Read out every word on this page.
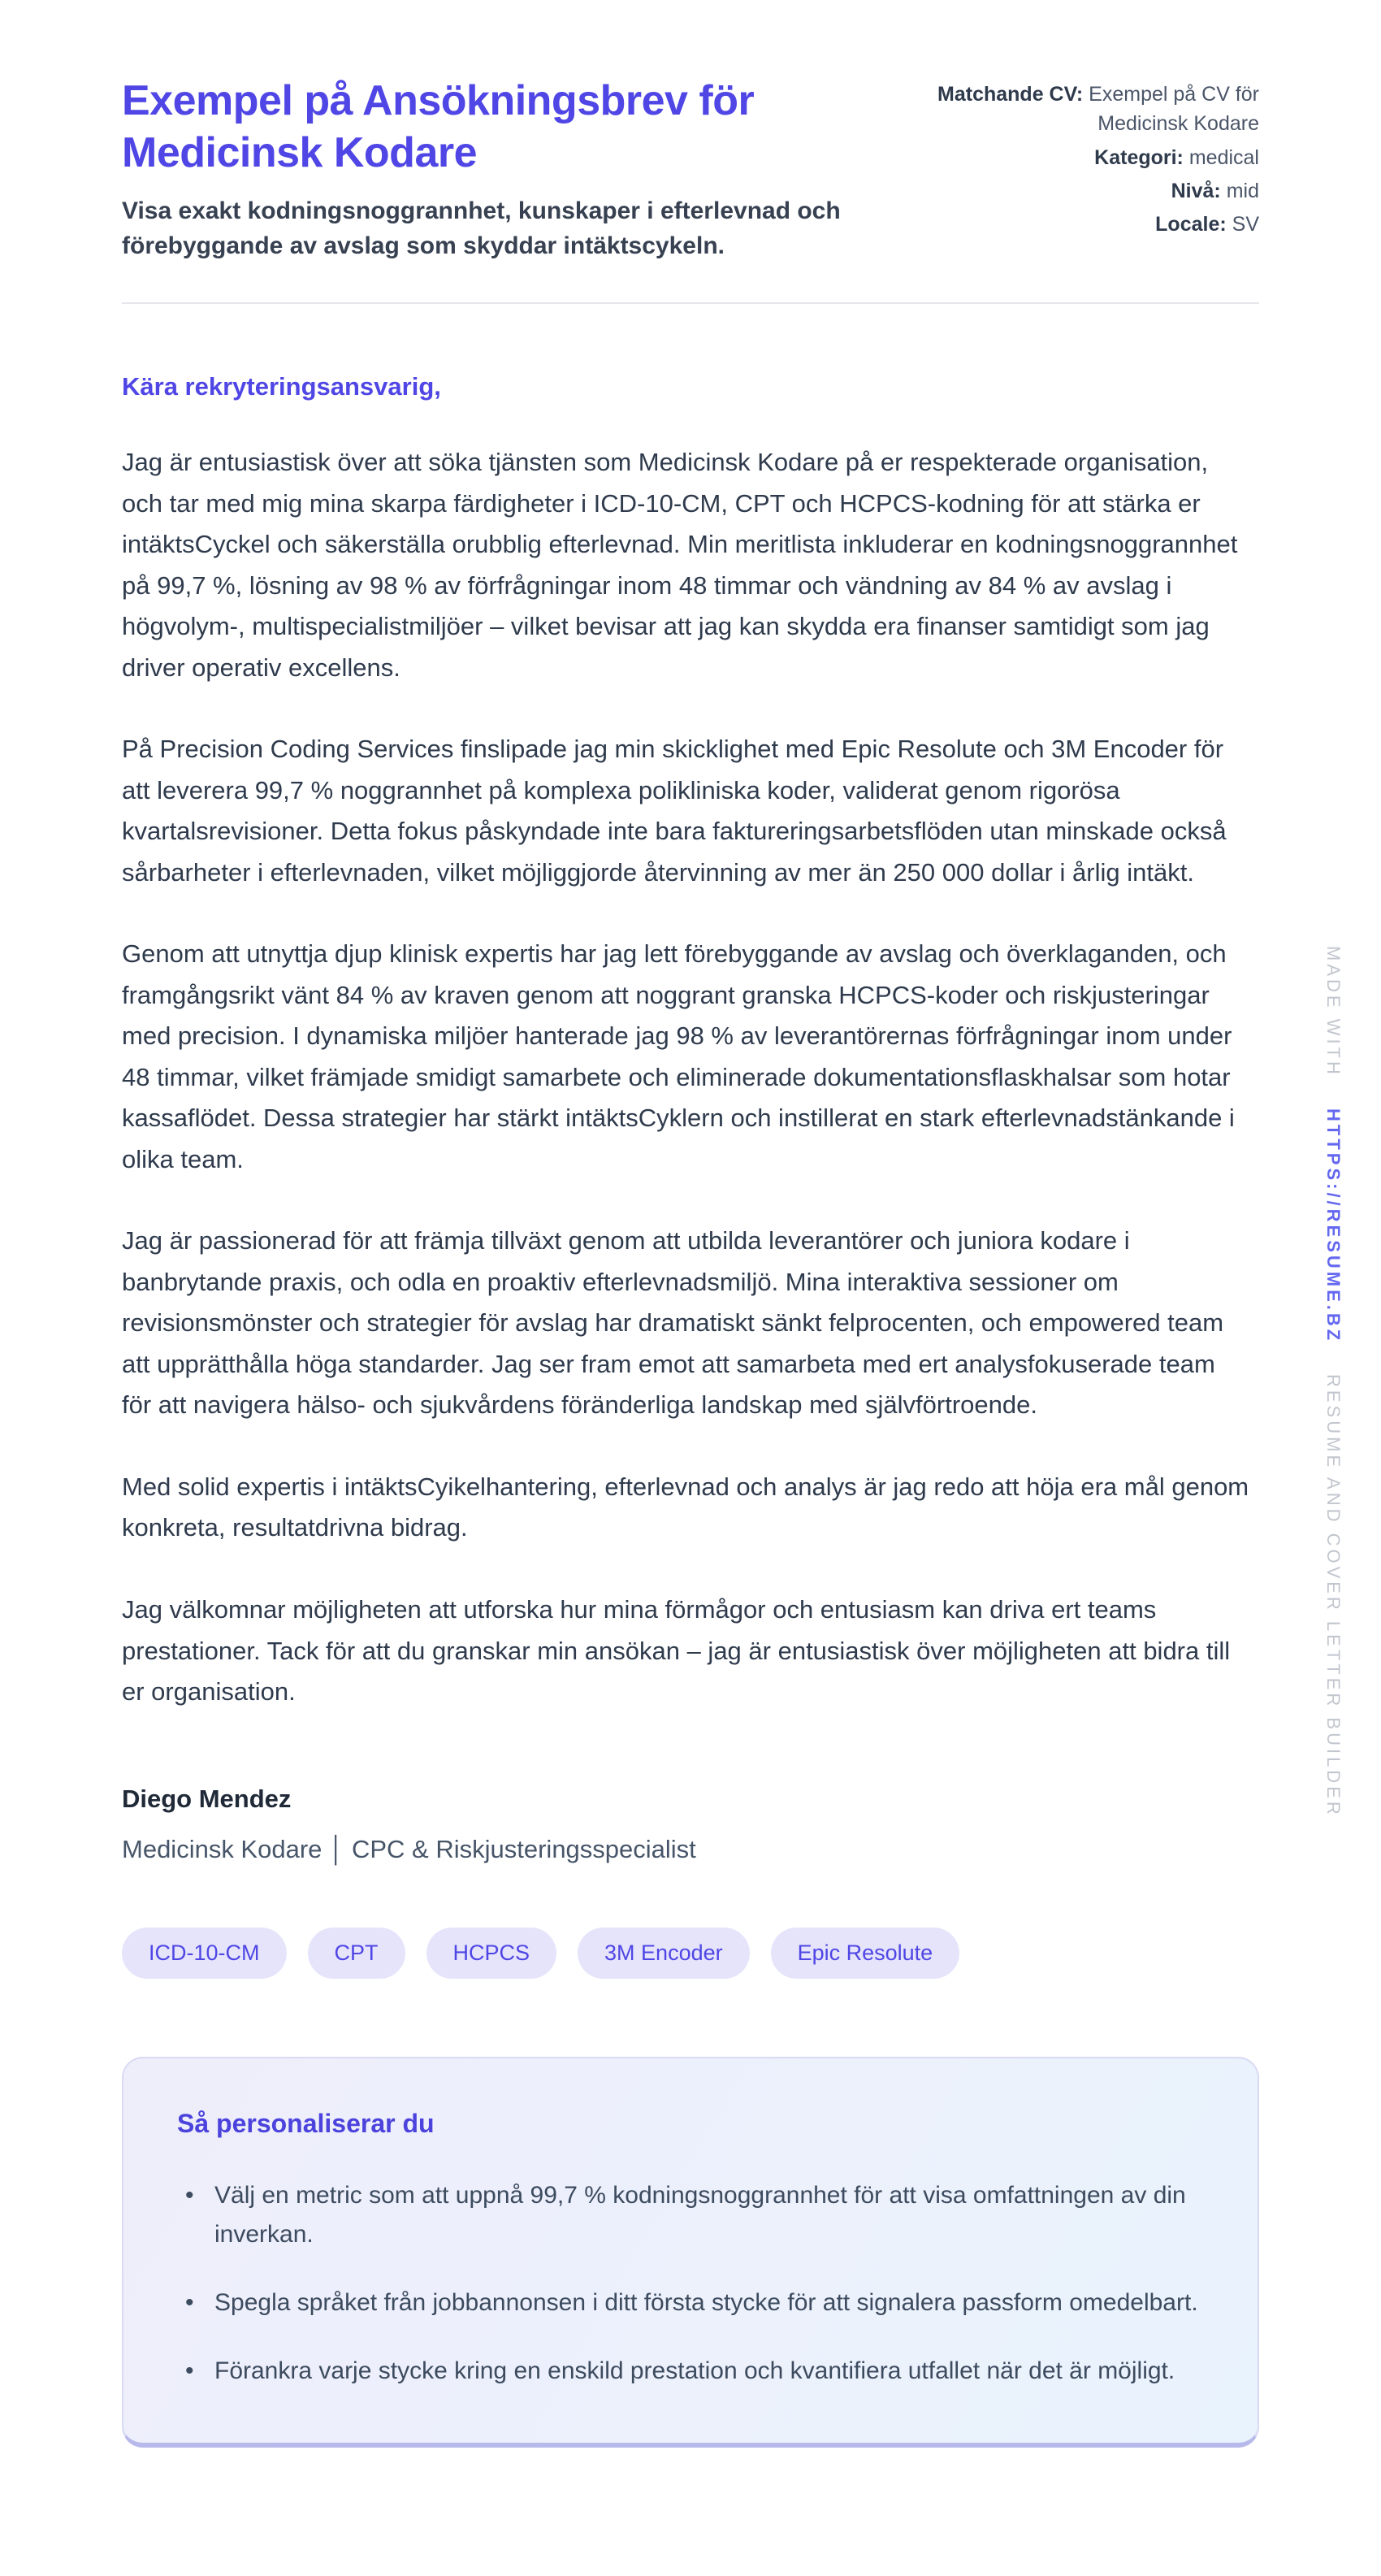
Exempel på Ansökningsbrev för Medicinsk Kodare

Visa exakt kodningsnoggrannhet, kunskaper i efterlevnad och förebyggande av avslag som skyddar intäktscykeln.

Matchande CV: Exempel på CV för Medicinsk Kodare
Kategori: medical
Nivå: mid
Locale: SV

Kära rekryteringsansvarig,

Jag är entusiastisk över att söka tjänsten som Medicinsk Kodare på er respekterade organisation, och tar med mig mina skarpa färdigheter i ICD-10-CM, CPT och HCPCS-kodning för att stärka er intäktsCyckel och säkerställa orubblig efterlevnad. Min meritlista inkluderar en kodningsnoggrannhet på 99,7 %, lösning av 98 % av förfrågningar inom 48 timmar och vändning av 84 % av avslag i högvolym-, multispecialistmiljöer – vilket bevisar att jag kan skydda era finanser samtidigt som jag driver operativ excellens.

På Precision Coding Services finslipade jag min skicklighet med Epic Resolute och 3M Encoder för att leverera 99,7 % noggrannhet på komplexa polikliniska koder, validerat genom rigorösa kvartalsrevisioner. Detta fokus påskyndade inte bara faktureringsarbetsflöden utan minskade också sårbarheter i efterlevnaden, vilket möjliggjorde återvinning av mer än 250 000 dollar i årlig intäkt.

Genom att utnyttja djup klinisk expertis har jag lett förebyggande av avslag och överklaganden, och framgångsrikt vänt 84 % av kraven genom att noggrant granska HCPCS-koder och riskjusteringar med precision. I dynamiska miljöer hanterade jag 98 % av leverantörernas förfrågningar inom under 48 timmar, vilket främjade smidigt samarbete och eliminerade dokumentationsflaskhalsar som hotar kassaflödet. Dessa strategier har stärkt intäktsCyklern och instillerat en stark efterlevnadstänkande i olika team.

Jag är passionerad för att främja tillväxt genom att utbilda leverantörer och juniora kodare i banbrytande praxis, och odla en proaktiv efterlevnadsmiljö. Mina interaktiva sessioner om revisionsmönster och strategier för avslag har dramatiskt sänkt felprocenten, och empowered team att upprätthålla höga standarder. Jag ser fram emot att samarbeta med ert analysfokuserade team för att navigera hälso- och sjukvårdens föränderliga landskap med självförtroende.

Med solid expertis i intäktsCyikelhantering, efterlevnad och analys är jag redo att höja era mål genom konkreta, resultatdrivna bidrag.

Jag välkomnar möjligheten att utforska hur mina förmågor och entusiasm kan driva ert teams prestationer. Tack för att du granskar min ansökan – jag är entusiastisk över möjligheten att bidra till er organisation.

Diego Mendez

Medicinsk Kodare │ CPC & Riskjusteringsspecialist

ICD-10-CM	CPT	HCPCS	3M Encoder	Epic Resolute
Så personaliserar du
• Välj en metric som att uppnå 99,7 % kodningsnoggrannhet för att visa omfattningen av din inverkan.
• Spegla språket från jobbannonsen i ditt första stycke för att signalera passform omedelbart.
• Förankra varje stycke kring en enskild prestation och kvantifiera utfallet när det är möjligt.
MADE WITH HTTPS://RESUME.BZ RESUME AND COVER LETTER BUILDER
